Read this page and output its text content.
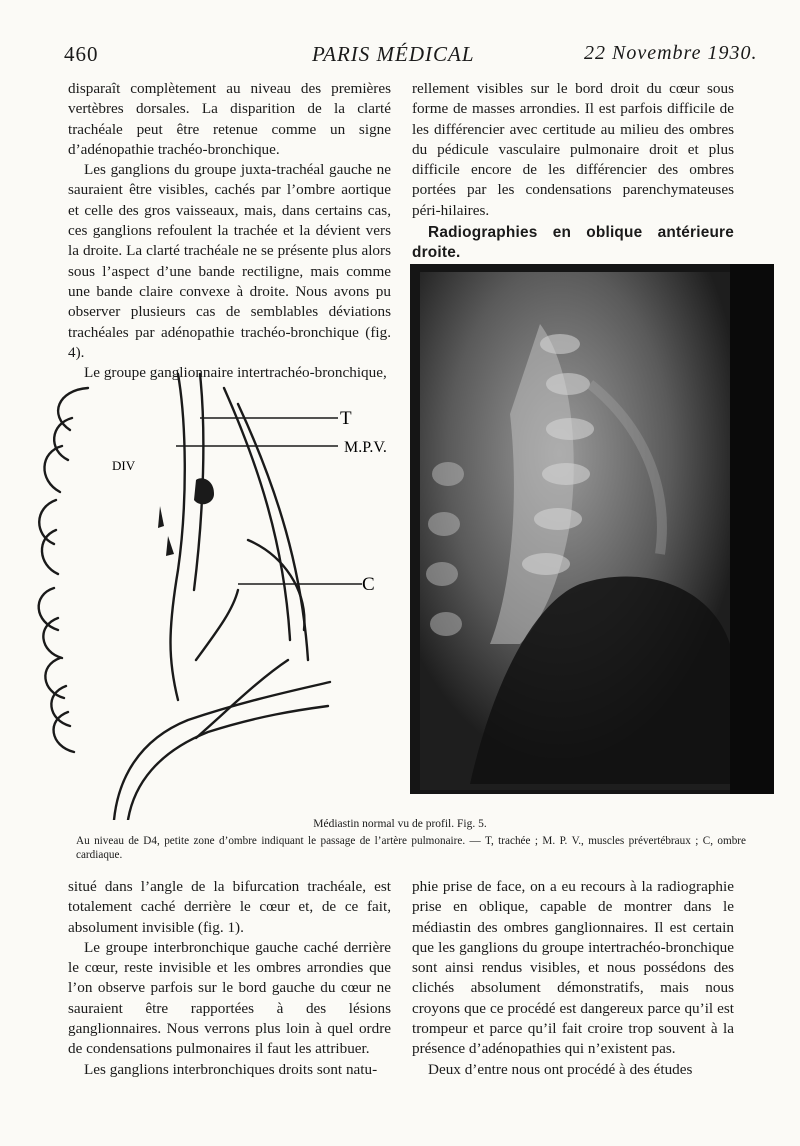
460	PARIS MÉDICAL	22 Novembre 1930.

disparaît complètement au niveau des premières vertèbres dorsales. La disparition de la clarté trachéale peut être retenue comme un signe d’adénopathie trachéo-bronchique.

Les ganglions du groupe juxta-trachéal gauche ne sauraient être visibles, cachés par l’ombre aortique et celle des gros vaisseaux, mais, dans certains cas, ces ganglions refoulent la trachée et la dévient vers la droite. La clarté trachéale ne se présente plus alors sous l’aspect d’une bande rectiligne, mais comme une bande claire convexe à droite. Nous avons pu observer plusieurs cas de semblables déviations trachéales par adénopathie trachéo-bronchique (fig. 4).

Le groupe ganglionnaire intertrachéo-bronchique,

rellement visibles sur le bord droit du cœur sous forme de masses arrondies. Il est parfois difficile de les différencier avec certitude au milieu des ombres du pédicule vasculaire pulmonaire droit et plus difficile encore de les différencier des ombres portées par les condensations parenchymateuses péri-hilaires.

Radiographies en oblique antérieure droite.

T
M.P.V.
C
DIV
Médiastin normal vu de profil. Fig. 5.
Au niveau de D4, petite zone d’ombre indiquant le passage de l’artère pulmonaire. — T, trachée ; M. P. V., muscles prévertébraux ; C, ombre cardiaque.

situé dans l’angle de la bifurcation trachéale, est totalement caché derrière le cœur et, de ce fait, absolument invisible (fig. 1).

Le groupe interbronchique gauche caché derrière le cœur, reste invisible et les ombres arrondies que l’on observe parfois sur le bord gauche du cœur ne sauraient être rapportées à des lésions ganglionnaires. Nous verrons plus loin à quel ordre de condensations pulmonaires il faut les attribuer.

Les ganglions interbronchiques droits sont natu-

phie prise de face, on a eu recours à la radiographie prise en oblique, capable de montrer dans le médiastin des ombres ganglionnaires. Il est certain que les ganglions du groupe intertrachéo-bronchique sont ainsi rendus visibles, et nous possédons des clichés absolument démonstratifs, mais nous croyons que ce procédé est dangereux parce qu’il est trompeur et parce qu’il fait croire trop souvent à la présence d’adénopathies qui n’existent pas.

Deux d’entre nous ont procédé à des études
